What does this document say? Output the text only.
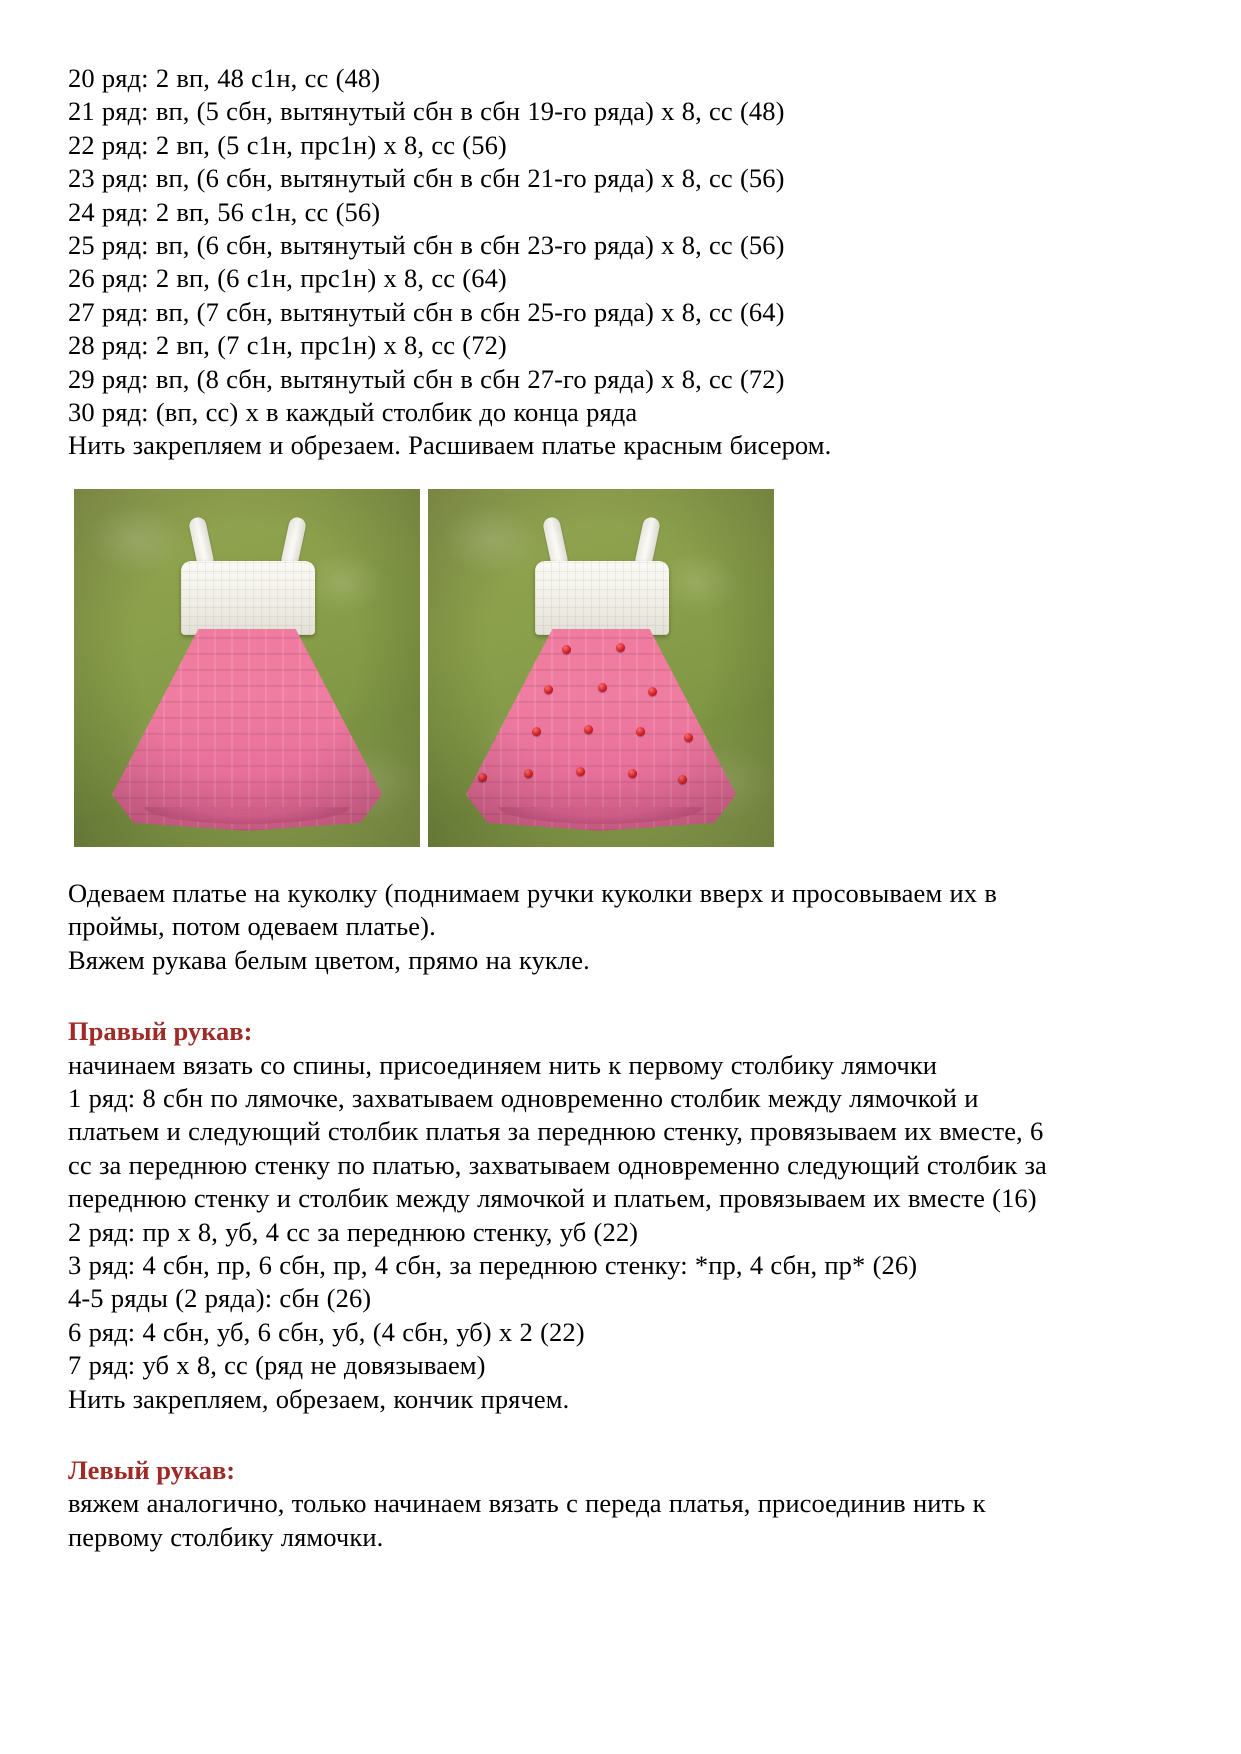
20 ряд: 2 вп, 48 с1н, сс (48)
21 ряд: вп, (5 сбн, вытянутый сбн в сбн 19-го ряда) х 8, сс (48)
22 ряд: 2 вп, (5 с1н, прс1н) х 8, сс (56)
23 ряд: вп, (6 сбн, вытянутый сбн в сбн 21-го ряда) х 8, сс (56)
24 ряд: 2 вп, 56 с1н, сс (56)
25 ряд: вп, (6 сбн, вытянутый сбн в сбн 23-го ряда) х 8, сс (56)
26 ряд: 2 вп, (6 с1н, прс1н) х 8, сс (64)
27 ряд: вп, (7 сбн, вытянутый сбн в сбн 25-го ряда) х 8, сс (64)
28 ряд: 2 вп, (7 с1н, прс1н) х 8, сс (72)
29 ряд: вп, (8 сбн, вытянутый сбн в сбн 27-го ряда) х 8, сс (72)
30 ряд: (вп, сс) х в каждый столбик до конца ряда
Нить закрепляем и обрезаем. Расшиваем платье красным бисером.
Одеваем платье на куколку (поднимаем ручки куколки вверх и просовываем их в
проймы, потом одеваем платье).
Вяжем рукава белым цветом, прямо на кукле.
Правый рукав:
начинаем вязать со спины, присоединяем нить к первому столбику лямочки
1 ряд: 8 сбн по лямочке, захватываем одновременно столбик между лямочкой и
платьем и следующий столбик платья за переднюю стенку, провязываем их вместе, 6
сс за переднюю стенку по платью, захватываем одновременно следующий столбик за
переднюю стенку и столбик между лямочкой и платьем, провязываем их вместе (16)
2 ряд: пр х 8, уб, 4 сс за переднюю стенку, уб (22)
3 ряд: 4 сбн, пр, 6 сбн, пр, 4 сбн, за переднюю стенку: *пр, 4 сбн, пр* (26)
4-5 ряды (2 ряда): сбн (26)
6 ряд: 4 сбн, уб, 6 сбн, уб, (4 сбн, уб) х 2 (22)
7 ряд: уб х 8, сс (ряд не довязываем)
Нить закрепляем, обрезаем, кончик прячем.
Левый рукав:
вяжем аналогично, только начинаем вязать с переда платья, присоединив нить к
первому столбику лямочки.
